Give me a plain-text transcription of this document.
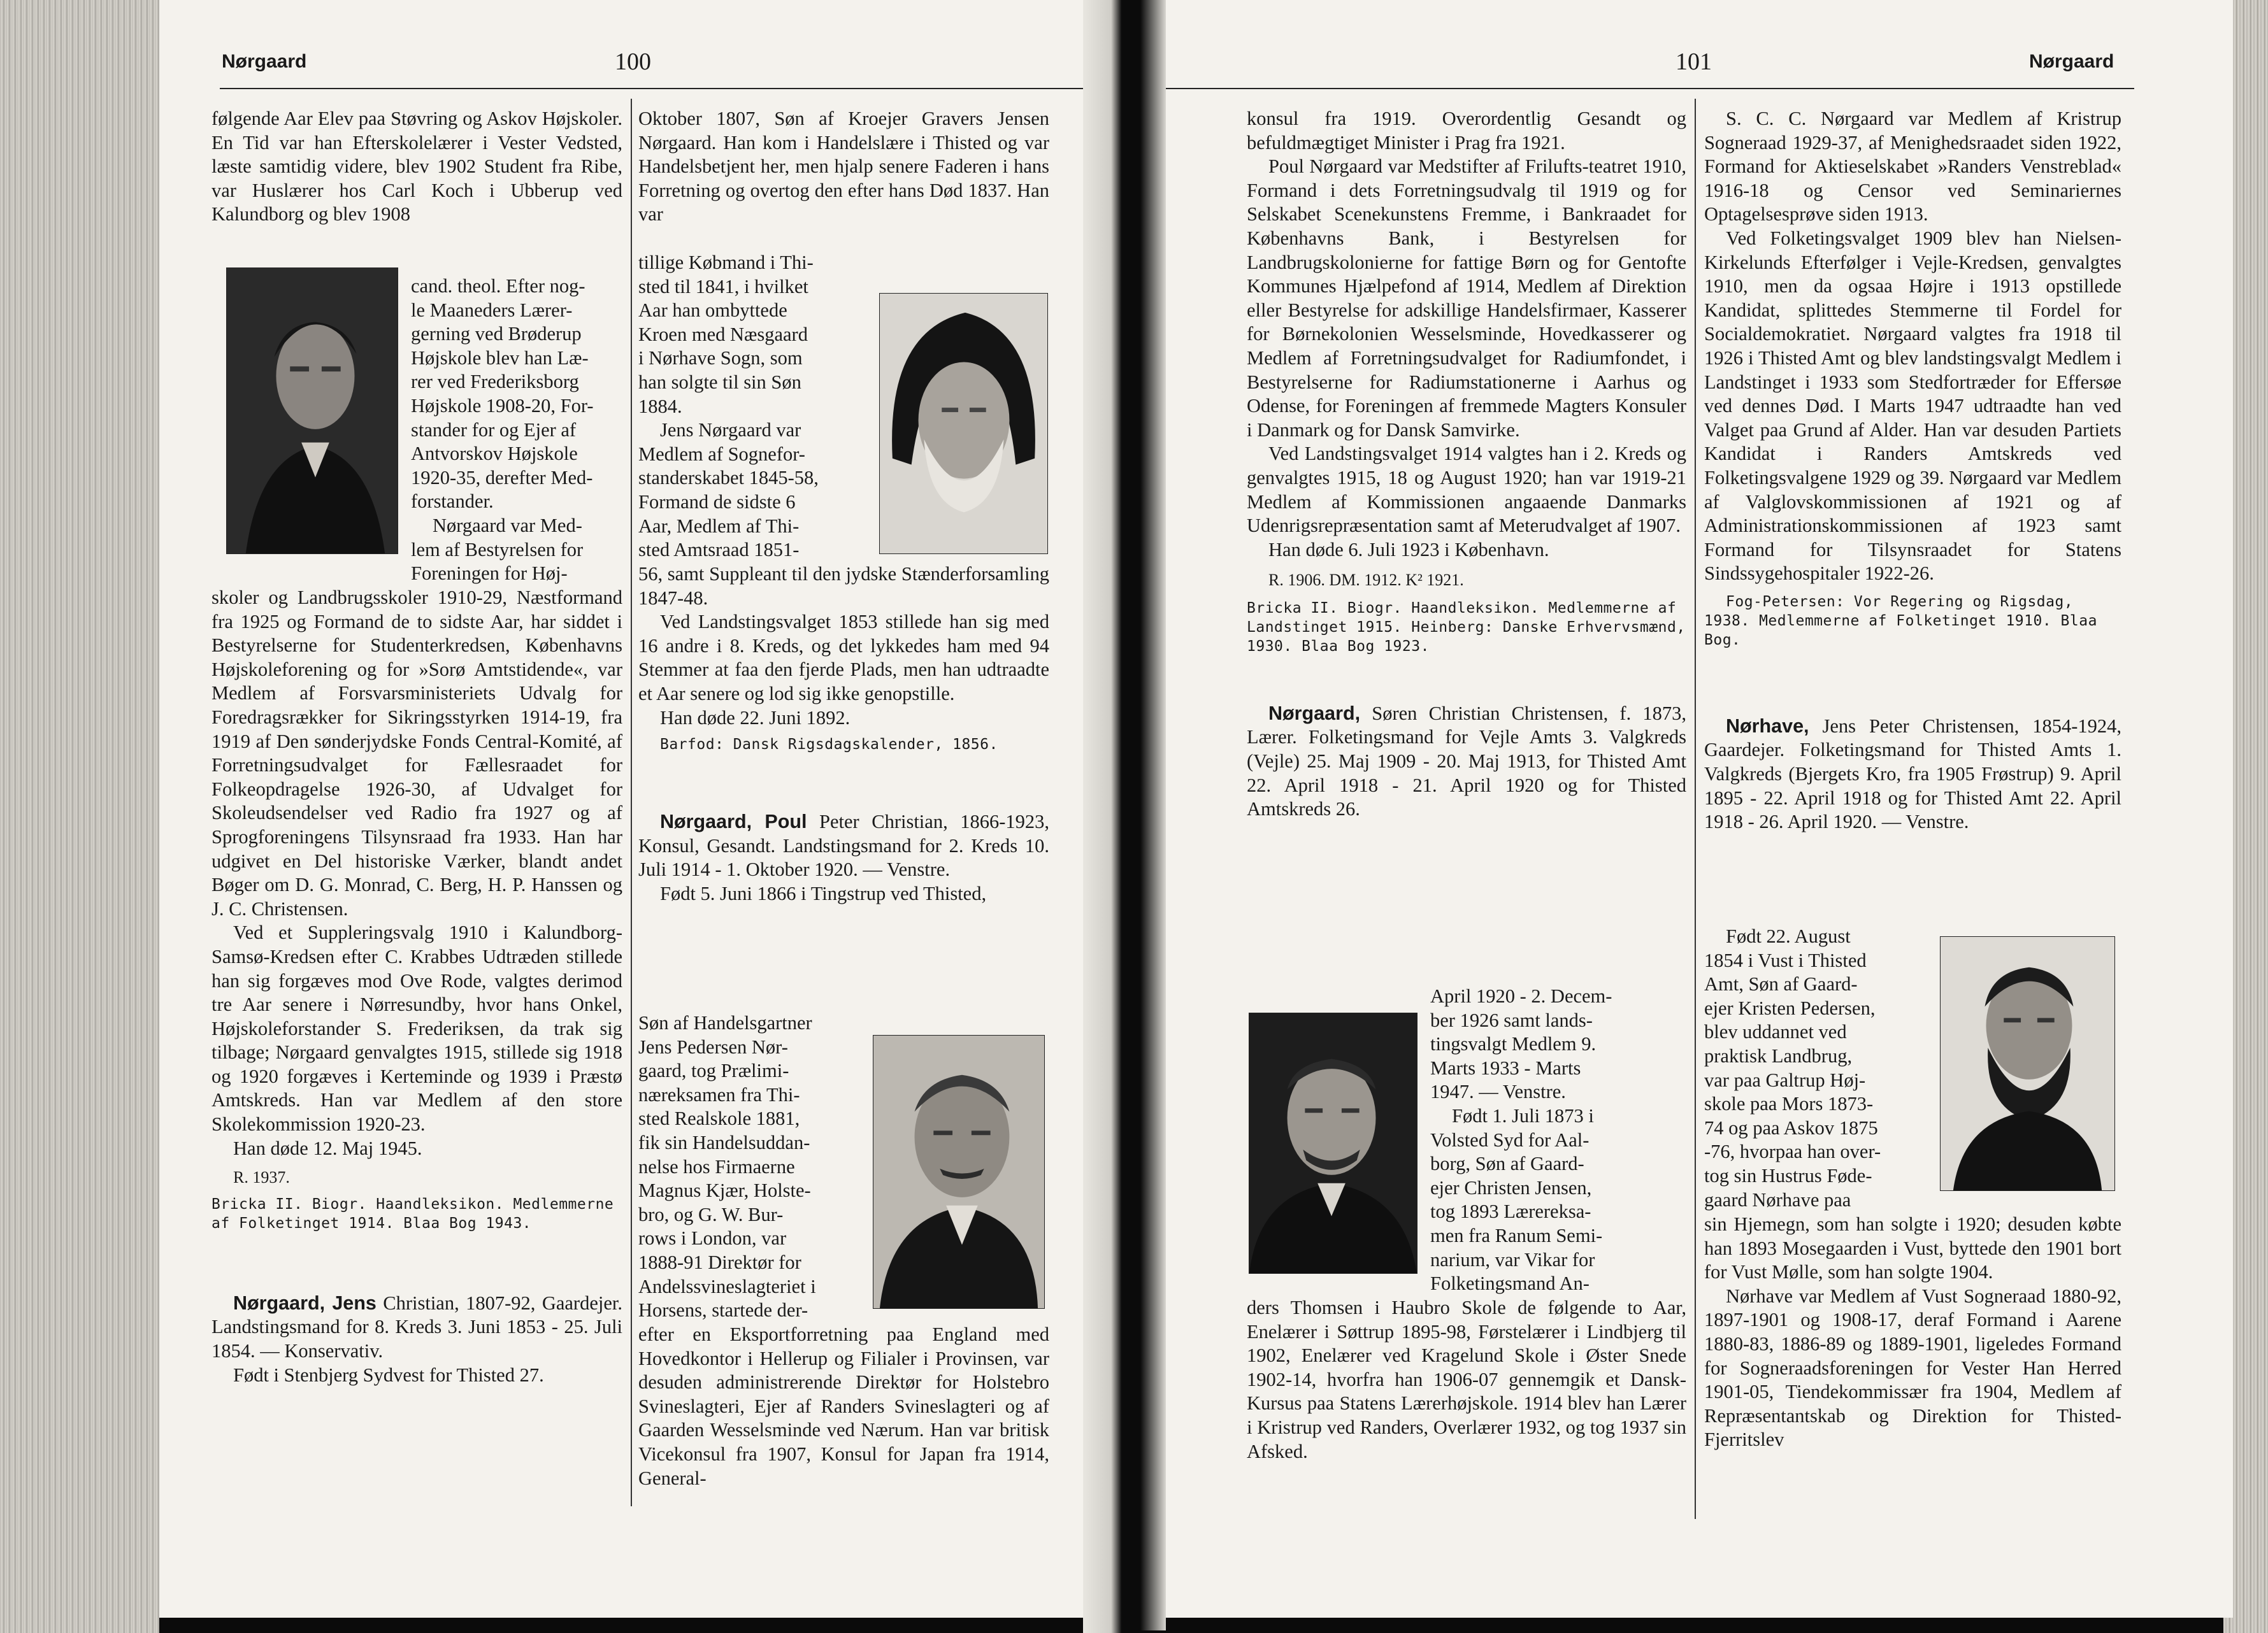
Nørgaard	100

følgende Aar Elev paa Støvring og Askov Højskoler. En Tid var han Efterskolelærer i Vester Vedsted, læste samtidig videre, blev 1902 Student fra Ribe, var Huslærer hos Carl Koch i Ubberup ved Kalundborg og blev 1908

cand. theol. Efter nog-
le Maaneders Lærer-
gerning ved Brøderup
Højskole blev han Læ-
rer ved Frederiksborg
Højskole 1908-20, For-
stander for og Ejer af
Antvorskov Højskole
1920-35, derefter Med-
forstander.
Nørgaard var Med-
lem af Bestyrelsen for
Foreningen for Høj-

skoler og Landbrugsskoler 1910-29, Næstformand fra 1925 og Formand de to sidste Aar, har siddet i Bestyrelserne for Studenterkredsen, Københavns Højskoleforening og for »Sorø Amtstidende«, var Medlem af Forsvarsministeriets Udvalg for Foredragsrækker for Sikringsstyrken 1914-19, fra 1919 af Den sønderjydske Fonds Central-Komité, af Forretningsudvalget for Fællesraadet for Folkeopdragelse 1926-30, af Udvalget for Skoleudsendelser ved Radio fra 1927 og af Sprogforeningens Tilsynsraad fra 1933. Han har udgivet en Del historiske Værker, blandt andet Bøger om D. G. Monrad, C. Berg, H. P. Hanssen og J. C. Christensen.

Ved et Suppleringsvalg 1910 i Kalundborg-Samsø-Kredsen efter C. Krabbes Udtræden stillede han sig forgæves mod Ove Rode, valgtes derimod tre Aar senere i Nørresundby, hvor hans Onkel, Højskoleforstander S. Frederiksen, da trak sig tilbage; Nørgaard genvalgtes 1915, stillede sig 1918 og 1920 forgæves i Kerteminde og 1939 i Præstø Amtskreds. Han var Medlem af den store Skolekommission 1920-23.

Han døde 12. Maj 1945.

R. 1937.

Bricka II. Biogr. Haandleksikon. Medlemmerne af Folketinget 1914. Blaa Bog 1943.

Nørgaard, Jens Christian, 1807-92, Gaardejer. Landstingsmand for 8. Kreds 3. Juni 1853 - 25. Juli 1854. — Konservativ.

Født i Stenbjerg Sydvest for Thisted 27.

Oktober 1807, Søn af Kroejer Gravers Jensen Nørgaard. Han kom i Handelslære i Thisted og var Handelsbetjent her, men hjalp senere Faderen i hans Forretning og overtog den efter hans Død 1837. Han var

tillige Købmand i Thi-
sted til 1841, i hvilket
Aar han ombyttede
Kroen med Næsgaard
i Nørhave Sogn, som
han solgte til sin Søn
1884.
Jens Nørgaard var
Medlem af Sognefor-
standerskabet 1845-58,
Formand de sidste 6
Aar, Medlem af Thi-
sted Amtsraad 1851-

56, samt Suppleant til den jydske Stænderforsamling 1847-48.

Ved Landstingsvalget 1853 stillede han sig med 16 andre i 8. Kreds, og det lykkedes ham med 94 Stemmer at faa den fjerde Plads, men han udtraadte et Aar senere og lod sig ikke genopstille.

Han døde 22. Juni 1892.

Barfod: Dansk Rigsdagskalender, 1856.

Nørgaard, Poul Peter Christian, 1866-1923, Konsul, Gesandt. Landstingsmand for 2. Kreds 10. Juli 1914 - 1. Oktober 1920. — Venstre.

Født 5. Juni 1866 i Tingstrup ved Thisted,

Søn af Handelsgartner
Jens Pedersen Nør-
gaard, tog Prælimi-
næreksamen fra Thi-
sted Realskole 1881,
fik sin Handelsuddan-
nelse hos Firmaerne
Magnus Kjær, Holste-
bro, og G. W. Bur-
rows i London, var
1888-91 Direktør for
Andelssvineslagteriet i
Horsens, startede der-

efter en Eksportforretning paa England med Hovedkontor i Hellerup og Filialer i Provinsen, var desuden administrerende Direktør for Holstebro Svineslagteri, Ejer af Randers Svineslagteri og af Gaarden Wesselsminde ved Nærum. Han var britisk Vicekonsul fra 1907, Konsul for Japan fra 1914, General-

101	Nørgaard

konsul fra 1919. Overordentlig Gesandt og befuldmægtiget Minister i Prag fra 1921.

Poul Nørgaard var Medstifter af Frilufts-teatret 1910, Formand i dets Forretningsudvalg til 1919 og for Selskabet Scenekunstens Fremme, i Bankraadet for Københavns Bank, i Bestyrelsen for Landbrugskolonierne for fattige Børn og for Gentofte Kommunes Hjælpefond af 1914, Medlem af Direktion eller Bestyrelse for adskillige Handelsfirmaer, Kasserer for Børnekolonien Wesselsminde, Hovedkasserer og Medlem af Forretningsudvalget for Radiumfondet, i Bestyrelserne for Radiumstationerne i Aarhus og Odense, for Foreningen af fremmede Magters Konsuler i Danmark og for Dansk Samvirke.

Ved Landstingsvalget 1914 valgtes han i 2. Kreds og genvalgtes 1915, 18 og August 1920; han var 1919-21 Medlem af Kommissionen angaaende Danmarks Udenrigsrepræsentation samt af Meterudvalget af 1907.

Han døde 6. Juli 1923 i København.

R. 1906. DM. 1912. K² 1921.

Bricka II. Biogr. Haandleksikon. Medlemmerne af Landstinget 1915. Heinberg: Danske Erhvervsmænd, 1930. Blaa Bog 1923.

Nørgaard, Søren Christian Christensen, f. 1873, Lærer. Folketingsmand for Vejle Amts 3. Valgkreds (Vejle) 25. Maj 1909 - 20. Maj 1913, for Thisted Amt 22. April 1918 - 21. April 1920 og for Thisted Amtskreds 26.

April 1920 - 2. Decem-
ber 1926 samt lands-
tingsvalgt Medlem 9.
Marts 1933 - Marts
1947. — Venstre.
Født 1. Juli 1873 i
Volsted Syd for Aal-
borg, Søn af Gaard-
ejer Christen Jensen,
tog 1893 Lærereksa-
men fra Ranum Semi-
narium, var Vikar for
Folketingsmand An-

ders Thomsen i Haubro Skole de følgende to Aar, Enelærer i Søttrup 1895-98, Førstelærer i Lindbjerg til 1902, Enelærer ved Kragelund Skole i Øster Snede 1902-14, hvorfra han 1906-07 gennemgik et Dansk-Kursus paa Statens Lærerhøjskole. 1914 blev han Lærer i Kristrup ved Randers, Overlærer 1932, og tog 1937 sin Afsked.

S. C. C. Nørgaard var Medlem af Kristrup Sogneraad 1929-37, af Menighedsraadet siden 1922, Formand for Aktieselskabet »Randers Venstreblad« 1916-18 og Censor ved Seminariernes Optagelsesprøve siden 1913.

Ved Folketingsvalget 1909 blev han Nielsen-Kirkelunds Efterfølger i Vejle-Kredsen, genvalgtes 1910, men da ogsaa Højre i 1913 opstillede Kandidat, splittedes Stemmerne til Fordel for Socialdemokratiet. Nørgaard valgtes fra 1918 til 1926 i Thisted Amt og blev landstingsvalgt Medlem i Landstinget i 1933 som Stedfortræder for Effersøe ved dennes Død. I Marts 1947 udtraadte han ved Valget paa Grund af Alder. Han var desuden Partiets Kandidat i Randers Amtskreds ved Folketingsvalgene 1929 og 39. Nørgaard var Medlem af Valglovskommissionen af 1921 og af Administrationskommissionen af 1923 samt Formand for Tilsynsraadet for Statens Sindssygehospitaler 1922-26.

Fog-Petersen: Vor Regering og Rigsdag, 1938. Medlemmerne af Folketinget 1910. Blaa Bog.

Nørhave, Jens Peter Christensen, 1854-1924, Gaardejer. Folketingsmand for Thisted Amts 1. Valgkreds (Bjergets Kro, fra 1905 Frøstrup) 9. April 1895 - 22. April 1918 og for Thisted Amt 22. April 1918 - 26. April 1920. — Venstre.

Født 22. August
1854 i Vust i Thisted
Amt, Søn af Gaard-
ejer Kristen Pedersen,
blev uddannet ved
praktisk Landbrug,
var paa Galtrup Høj-
skole paa Mors 1873-
74 og paa Askov 1875
-76, hvorpaa han over-
tog sin Hustrus Føde-
gaard Nørhave paa

sin Hjemegn, som han solgte i 1920; desuden købte han 1893 Mosegaarden i Vust, byttede den 1901 bort for Vust Mølle, som han solgte 1904.

Nørhave var Medlem af Vust Sogneraad 1880-92, 1897-1901 og 1908-17, deraf Formand i Aarene 1880-83, 1886-89 og 1889-1901, ligeledes Formand for Sogneraadsforeningen for Vester Han Herred 1901-05, Tiendekommissær fra 1904, Medlem af Repræsentantskab og Direktion for Thisted-Fjerritslev
